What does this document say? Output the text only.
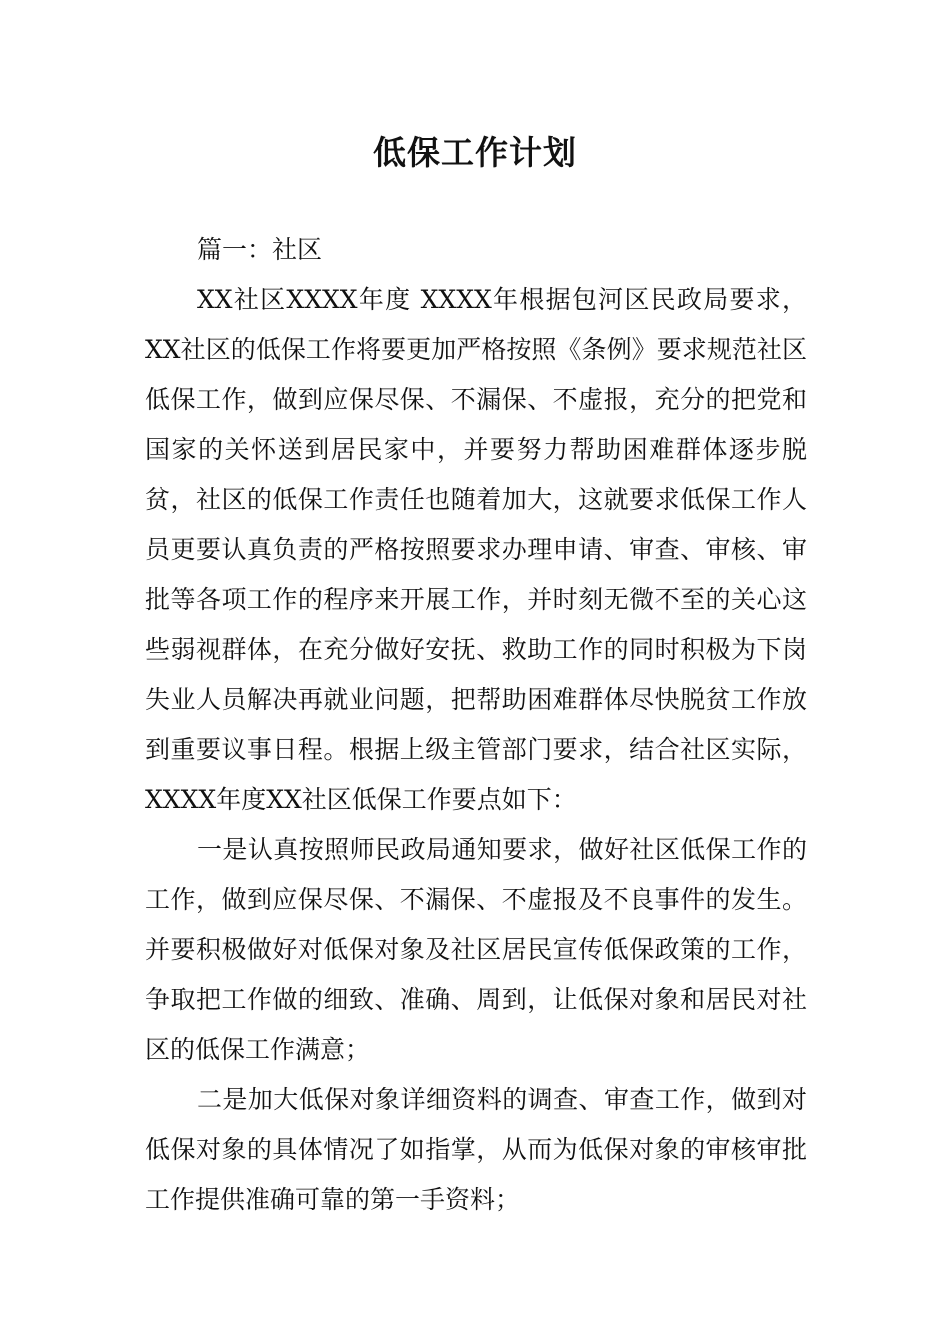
低保工作计划

篇一：社区

XX社区XXXX年度 XXXX年根据包河区民政局要求，XX社区的低保工作将要更加严格按照《条例》要求规范社区低保工作，做到应保尽保、不漏保、不虚报，充分的把党和国家的关怀送到居民家中，并要努力帮助困难群体逐步脱贫，社区的低保工作责任也随着加大，这就要求低保工作人员更要认真负责的严格按照要求办理申请、审查、审核、审批等各项工作的程序来开展工作，并时刻无微不至的关心这些弱视群体，在充分做好安抚、救助工作的同时积极为下岗失业人员解决再就业问题，把帮助困难群体尽快脱贫工作放到重要议事日程。根据上级主管部门要求，结合社区实际，XXXX年度XX社区低保工作要点如下：

一是认真按照师民政局通知要求，做好社区低保工作的工作，做到应保尽保、不漏保、不虚报及不良事件的发生。并要积极做好对低保对象及社区居民宣传低保政策的工作，争取把工作做的细致、准确、周到，让低保对象和居民对社区的低保工作满意；

二是加大低保对象详细资料的调查、审查工作，做到对低保对象的具体情况了如指掌，从而为低保对象的审核审批工作提供准确可靠的第一手资料；
